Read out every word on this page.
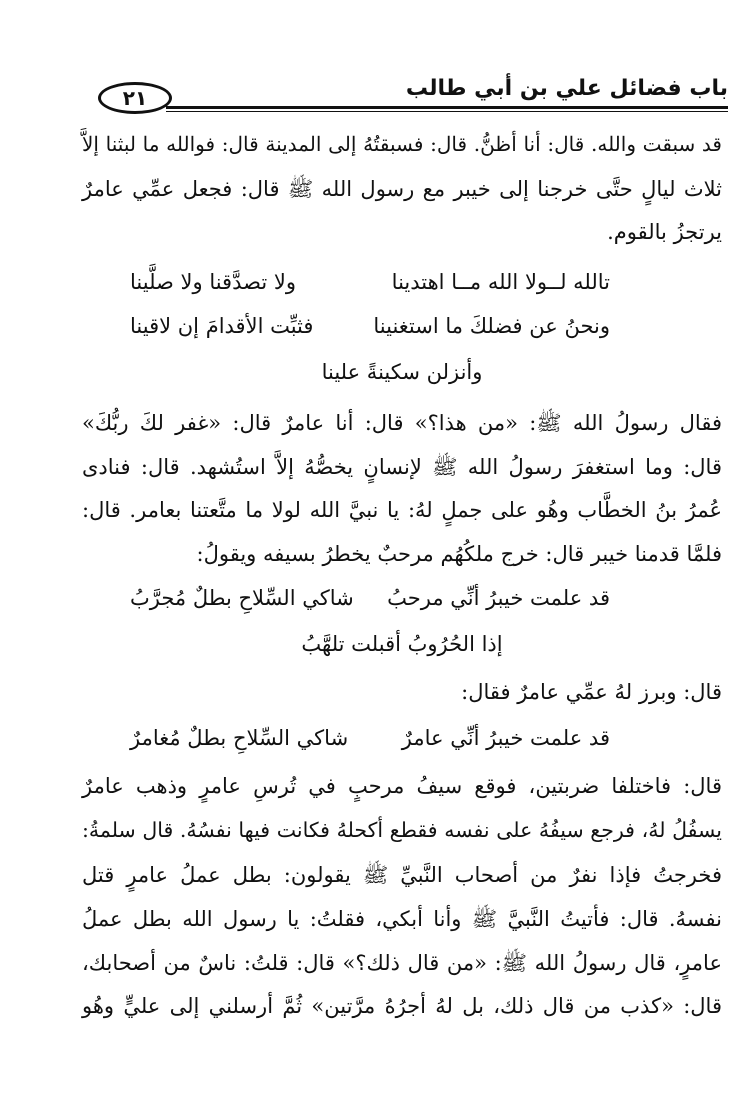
٢١	باب فضائل علي بن أبي طالب
قد سبقت والله. قال: أنا أظنُّ. قال: فسبقتُهُ إلى المدينة قال: فوالله ما لبثنا إلاَّ
ثلاث ليالٍ حتَّى خرجنا إلى خيبر مع رسول الله ﷺ قال: فجعل عمِّي عامرٌ
يرتجزُ بالقوم.
تالله لــولا الله مــا اهتدينا
ولا تصدَّقنا ولا صلَّينا
ونحنُ عن فضلكَ ما استغنينا
فثبِّت الأقدامَ إن لاقينا
وأنزلن سكينةً علينا
فقال رسولُ الله ﷺ: «من هذا؟» قال: أنا عامرٌ قال: «غفر لكَ ربُّكَ»
قال: وما استغفرَ رسولُ الله ﷺ لإنسانٍ يخصُّهُ إلاَّ استُشهد. قال: فنادى
عُمرُ بنُ الخطَّاب وهُو على جملٍ لهُ: يا نبيَّ الله لولا ما متَّعتنا بعامر. قال:
فلمَّا قدمنا خيبر قال: خرج ملكُهُم مرحبٌ يخطرُ بسيفه ويقولُ:
قد علمت خيبرُ أنِّي مرحبُ
شاكي السِّلاحِ بطلٌ مُجرَّبُ
إذا الحُرُوبُ أقبلت تلهَّبُ
قال: وبرز لهُ عمِّي عامرٌ فقال:
قد علمت خيبرُ أنِّي عامرٌ
شاكي السِّلاحِ بطلٌ مُغامرٌ
قال: فاختلفا ضربتين، فوقع سيفُ مرحبٍ في تُرسِ عامرٍ وذهب عامرٌ
يسفُلُ لهُ، فرجع سيفُهُ على نفسه فقطع أكحلهُ فكانت فيها نفسُهُ. قال سلمةُ:
فخرجتُ فإذا نفرٌ من أصحاب النَّبيِّ ﷺ يقولون: بطل عملُ عامرٍ قتل
نفسهُ. قال: فأتيتُ النَّبيَّ ﷺ وأنا أبكي، فقلتُ: يا رسول الله بطل عملُ
عامرٍ، قال رسولُ الله ﷺ: «من قال ذلك؟» قال: قلتُ: ناسٌ من أصحابك،
قال: «كذب من قال ذلك، بل لهُ أجرُهُ مرَّتين» ثُمَّ أرسلني إلى عليٍّ وهُو
